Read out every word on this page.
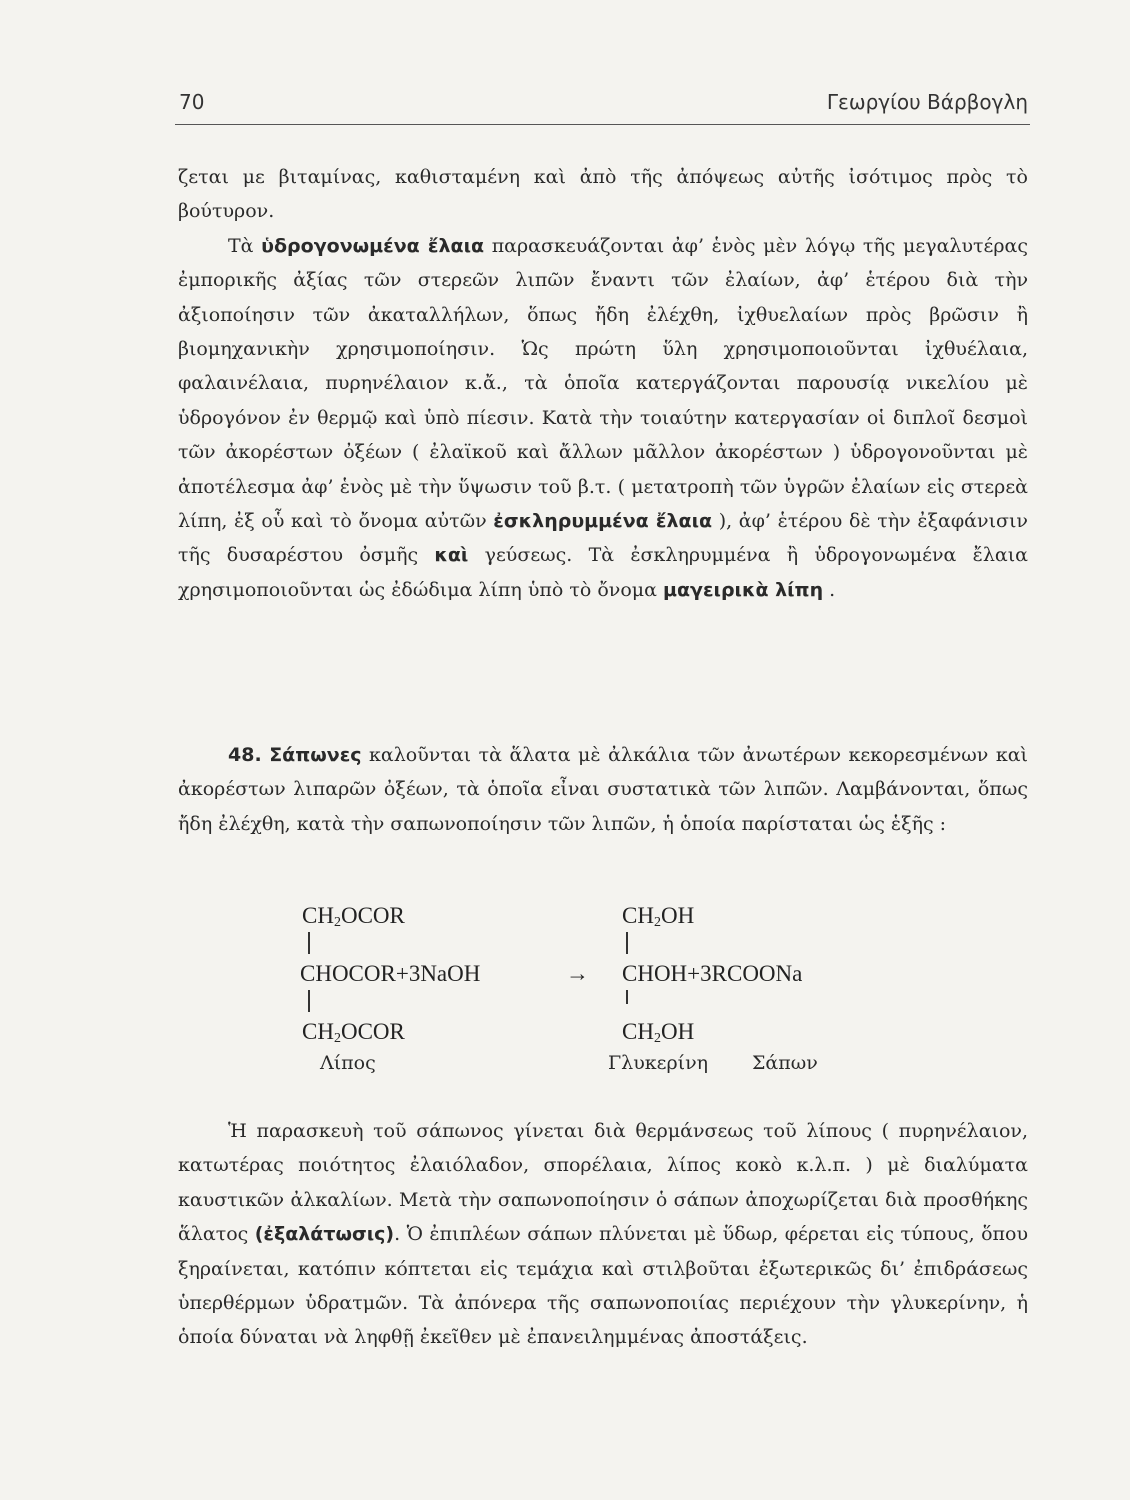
70	Γεωργίου Βάρβογλη

ζεται με βιταμίνας, καθισταμένη καὶ ἀπὸ τῆς ἀπόψεως αὐτῆς ἰσότιμος πρὸς τὸ βούτυρον.

Τὰ ὑδρογονωμένα ἔλαια παρασκευάζονται ἀφ’ ἑνὸς μὲν λόγῳ τῆς μεγαλυτέρας ἐμπορικῆς ἀξίας τῶν στερεῶν λιπῶν ἔναντι τῶν ἐλαίων, ἀφ’ ἑτέρου διὰ τὴν ἀξιοποίησιν τῶν ἀκαταλλήλων, ὅπως ἤδη ἐλέχθη, ἰχθυελαίων πρὸς βρῶσιν ἢ βιομηχανικὴν χρησιμοποίησιν. Ὡς πρώτη ὕλη χρησιμοποιοῦνται ἰχθυέλαια, φαλαινέλαια, πυρηνέλαιον κ.ἄ., τὰ ὁποῖα κατεργάζονται παρουσίᾳ νικελίου μὲ ὑδρογόνον ἐν θερμῷ καὶ ὑπὸ πίεσιν. Κατὰ τὴν τοιαύτην κατεργασίαν οἱ διπλοῖ δεσμοὶ τῶν ἀκορέστων ὀξέων ( ἐλαϊκοῦ καὶ ἄλλων μᾶλλον ἀκορέστων ) ὑδρογονοῦνται μὲ ἀποτέλεσμα ἀφ’ ἑνὸς μὲ τὴν ὕψωσιν τοῦ β.τ. ( μετατροπὴ τῶν ὑγρῶν ἐλαίων εἰς στερεὰ λίπη, ἐξ οὗ καὶ τὸ ὄνομα αὐτῶν ἐσκληρυμμένα ἔλαια ), ἀφ’ ἑτέρου δὲ τὴν ἐξαφάνισιν τῆς δυσαρέστου ὀσμῆς καὶ γεύσεως. Τὰ ἐσκληρυμμένα ἢ ὑδρογονωμένα ἔλαια χρησιμοποιοῦνται ὡς ἐδώδιμα λίπη ὑπὸ τὸ ὄνομα μαγειρικὰ λίπη .

48. Σάπωνες καλοῦνται τὰ ἅλατα μὲ ἀλκάλια τῶν ἀνωτέρων κεκορεσμένων καὶ ἀκορέστων λιπαρῶν ὀξέων, τὰ ὁποῖα εἶναι συστατικὰ τῶν λιπῶν. Λαμβάνονται, ὅπως ἤδη ἐλέχθη, κατὰ τὴν σαπωνοποίησιν τῶν λιπῶν, ἡ ὁποία παρίσταται ὡς ἑξῆς :

$CH_2OCOR$
CHOCOR+3NaOH
$CH_2OCOR$
→
$CH_2OH$
CHOH+3RCOONa
$CH_2OH$
Λίπος	Γλυκερίνη Σάπων

Ἡ παρασκευὴ τοῦ σάπωνος γίνεται διὰ θερμάνσεως τοῦ λίπους ( πυρηνέλαιον, κατωτέρας ποιότητος ἐλαιόλαδον, σπορέλαια, λίπος κοκὸ κ.λ.π. ) μὲ διαλύματα καυστικῶν ἀλκαλίων. Μετὰ τὴν σαπωνοποίησιν ὁ σάπων ἀποχωρίζεται διὰ προσθήκης ἅλατος (ἐξαλάτωσις). Ὁ ἐπιπλέων σάπων πλύνεται μὲ ὕδωρ, φέρεται εἰς τύπους, ὅπου ξηραίνεται, κατόπιν κόπτεται εἰς τεμάχια καὶ στιλβοῦται ἐξωτερικῶς δι’ ἐπιδράσεως ὑπερθέρμων ὑδρατμῶν. Τὰ ἀπόνερα τῆς σαπωνοποιίας περιέχουν τὴν γλυκερίνην, ἡ ὁποία δύναται νὰ ληφθῇ ἐκεῖθεν μὲ ἐπανειλημμένας ἀποστάξεις.
